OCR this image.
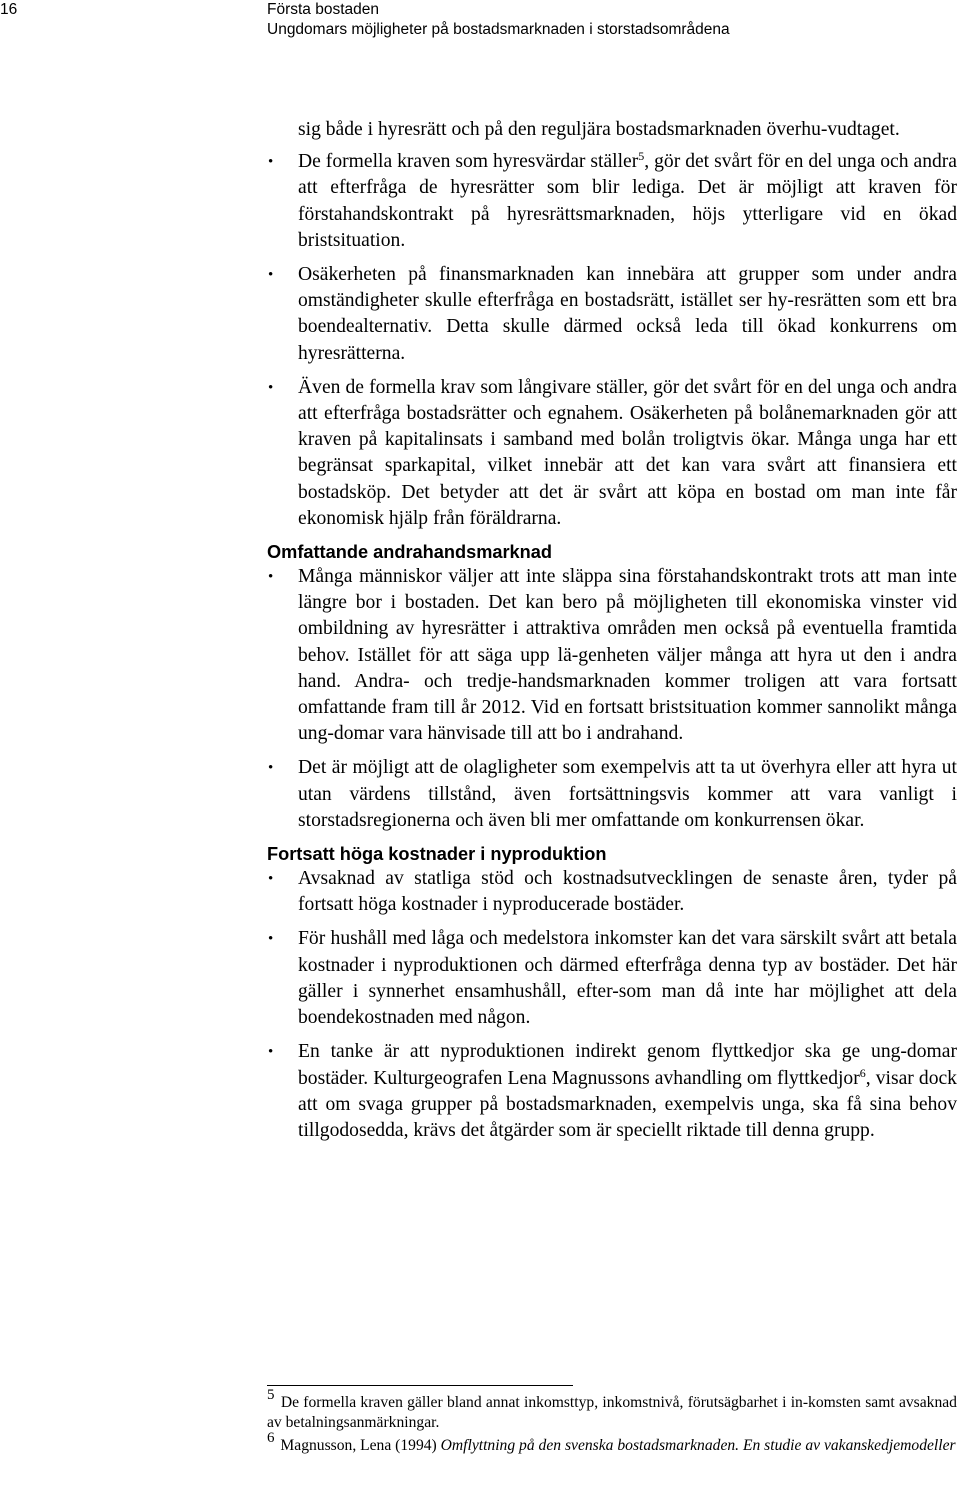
16	Första bostaden
Ungdomars möjligheter på bostadsmarknaden i storstadsområdena
sig både i hyresrätt och på den reguljära bostadsmarknaden överhu-vudtaget.
• De formella kraven som hyresvärdar ställer$^5$, gör det svårt för en del unga och andra att efterfråga de hyresrätter som blir lediga. Det är möjligt att kraven för förstahandskontrakt på hyresrättsmarknaden, höjs ytterligare vid en ökad bristsituation.
• Osäkerheten på finansmarknaden kan innebära att grupper som under andra omständigheter skulle efterfråga en bostadsrätt, istället ser hy-resrätten som ett bra boendealternativ. Detta skulle därmed också leda till ökad konkurrens om hyresrätterna.
• Även de formella krav som långivare ställer, gör det svårt för en del unga och andra att efterfråga bostadsrätter och egnahem. Osäkerheten på bolånemarknaden gör att kraven på kapitalinsats i samband med bolån troligtvis ökar. Många unga har ett begränsat sparkapital, vilket innebär att det kan vara svårt att finansiera ett bostadsköp. Det betyder att det är svårt att köpa en bostad om man inte får ekonomisk hjälp från föräldrarna.
Omfattande andrahandsmarknad
• Många människor väljer att inte släppa sina förstahandskontrakt trots att man inte längre bor i bostaden. Det kan bero på möjligheten till ekonomiska vinster vid ombildning av hyresrätter i attraktiva områden men också på eventuella framtida behov. Istället för att säga upp lä-genheten väljer många att hyra ut den i andra hand. Andra- och tredje-handsmarknaden kommer troligen att vara fortsatt omfattande fram till år 2012. Vid en fortsatt bristsituation kommer sannolikt många ung-domar vara hänvisade till att bo i andrahand.
• Det är möjligt att de olagligheter som exempelvis att ta ut överhyra eller att hyra ut utan värdens tillstånd, även fortsättningsvis kommer att vara vanligt i storstadsregionerna och även bli mer omfattande om konkurrensen ökar.
Fortsatt höga kostnader i nyproduktion
• Avsaknad av statliga stöd och kostnadsutvecklingen de senaste åren, tyder på fortsatt höga kostnader i nyproducerade bostäder.
• För hushåll med låga och medelstora inkomster kan det vara särskilt svårt att betala kostnader i nyproduktionen och därmed efterfråga denna typ av bostäder. Det här gäller i synnerhet ensamhushåll, efter-som man då inte har möjlighet att dela boendekostnaden med någon.
• En tanke är att nyproduktionen indirekt genom flyttkedjor ska ge ung-domar bostäder. Kulturgeografen Lena Magnussons avhandling om flyttkedjor$^6$, visar dock att om svaga grupper på bostadsmarknaden, exempelvis unga, ska få sina behov tillgodosedda, krävs det åtgärder som är speciellt riktade till denna grupp.

5 De formella kraven gäller bland annat inkomsttyp, inkomstnivå, förutsägbarhet i in-komsten samt avsaknad av betalningsanmärkningar.

6 Magnusson, Lena (1994) Omflyttning på den svenska bostadsmarknaden. En studie av vakanskedjemodeller
